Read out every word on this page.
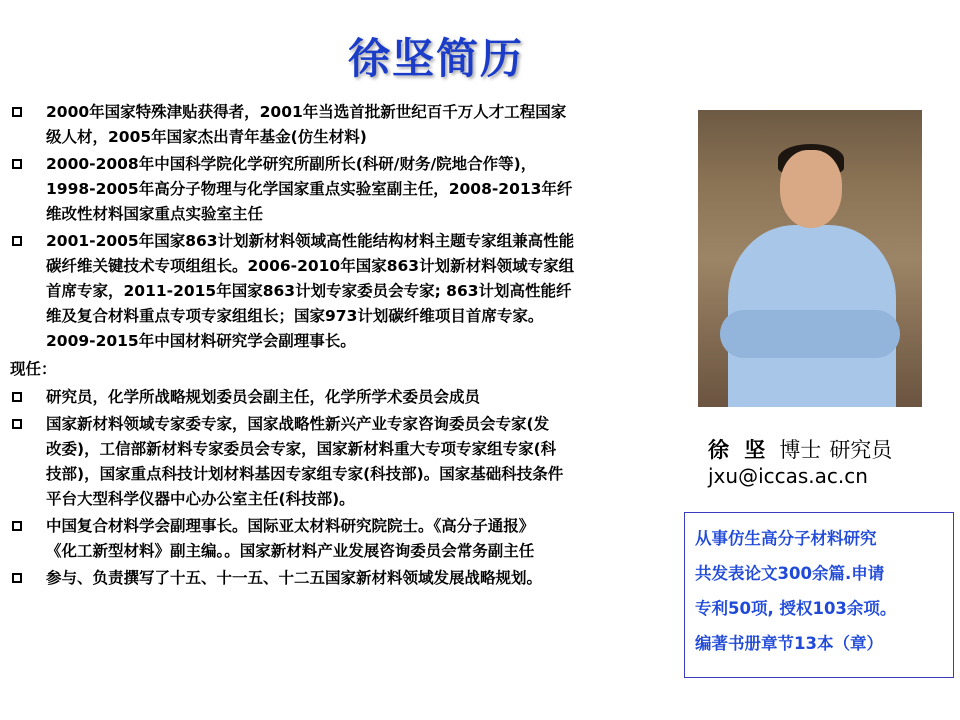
徐坚简历
2000年国家特殊津贴获得者，2001年当选首批新世纪百千万人才工程国家
级人材，2005年国家杰出青年基金(仿生材料)
2000-2008年中国科学院化学研究所副所长(科研/财务/院地合作等)，
1998-2005年高分子物理与化学国家重点实验室副主任，2008-2013年纤
维改性材料国家重点实验室主任
2001-2005年国家863计划新材料领域高性能结构材料主题专家组兼高性能
碳纤维关键技术专项组组长。2006-2010年国家863计划新材料领域专家组
首席专家，2011-2015年国家863计划专家委员会专家; 863计划高性能纤
维及复合材料重点专项专家组组长；国家973计划碳纤维项目首席专家。
2009-2015年中国材料研究学会副理事长。
现任：
研究员，化学所战略规划委员会副主任，化学所学术委员会成员
国家新材料领域专家委专家，国家战略性新兴产业专家咨询委员会专家(发
改委)，工信部新材料专家委员会专家，国家新材料重大专项专家组专家(科
技部)，国家重点科技计划材料基因专家组专家(科技部)。国家基础科技条件
平台大型科学仪器中心办公室主任(科技部)。
中国复合材料学会副理事长。国际亚太材料研究院院士。《高分子通报》
《化工新型材料》副主编。。国家新材料产业发展咨询委员会常务副主任
参与、负责撰写了十五、十一五、十二五国家新材料领域发展战略规划。
徐 坚 博士 研究员
jxu@iccas.ac.cn
从事仿生高分子材料研究
共发表论文300余篇.申请
专利50项, 授权103余项。
编著书册章节13本（章）
